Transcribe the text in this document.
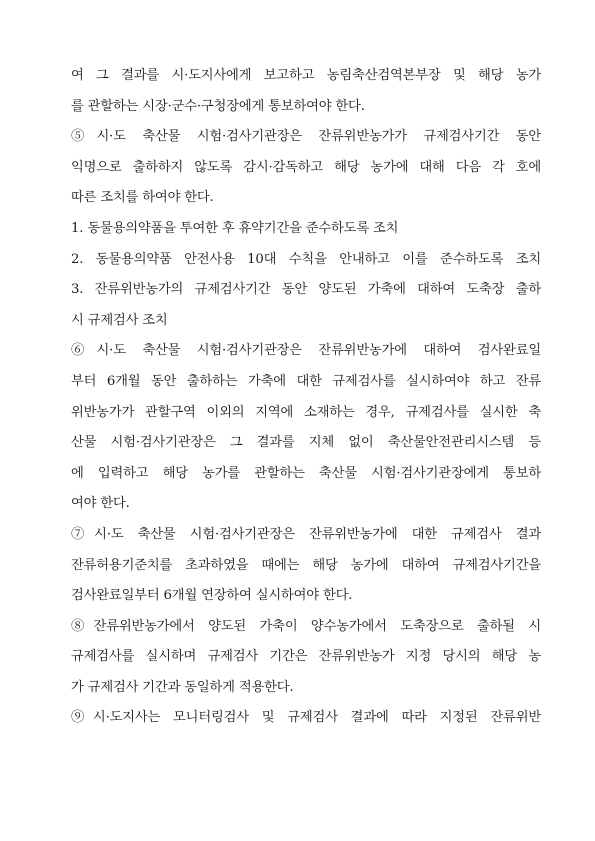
여 그 결과를 시·도지사에게 보고하고 농림축산검역본부장 및 해당 농가
를 관할하는 시장·군수·구청장에게 통보하여야 한다.
⑤시·도 축산물 시험·검사기관장은 잔류위반농가가 규제검사기간 동안
익명으로 출하하지 않도록 감시·감독하고 해당 농가에 대해 다음 각 호에
따른 조치를 하여야 한다.
1. 동물용의약품을 투여한 후 휴약기간을 준수하도록 조치
2. 동물용의약품 안전사용 10대 수칙을 안내하고 이를 준수하도록 조치
3. 잔류위반농가의 규제검사기간 동안 양도된 가축에 대하여 도축장 출하
시 규제검사 조치
⑥시·도 축산물 시험·검사기관장은 잔류위반농가에 대하여 검사완료일
부터 6개월 동안 출하하는 가축에 대한 규제검사를 실시하여야 하고 잔류
위반농가가 관할구역 이외의 지역에 소재하는 경우, 규제검사를 실시한 축
산물 시험·검사기관장은 그 결과를 지체 없이 축산물안전관리시스템 등
에 입력하고 해당 농가를 관할하는 축산물 시험·검사기관장에게 통보하
여야 한다.
⑦시·도 축산물 시험·검사기관장은 잔류위반농가에 대한 규제검사 결과
잔류허용기준치를 초과하였을 때에는 해당 농가에 대하여 규제검사기간을
검사완료일부터 6개월 연장하여 실시하여야 한다.
⑧잔류위반농가에서 양도된 가축이 양수농가에서 도축장으로 출하될 시
규제검사를 실시하며 규제검사 기간은 잔류위반농가 지정 당시의 해당 농
가 규제검사 기간과 동일하게 적용한다.
⑨시·도지사는 모니터링검사 및 규제검사 결과에 따라 지정된 잔류위반
